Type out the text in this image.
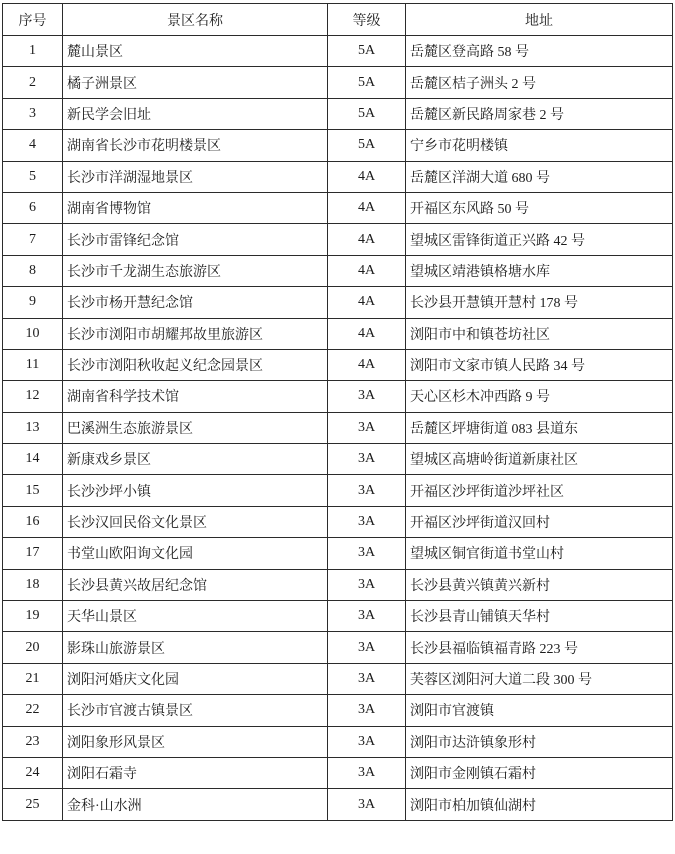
序号	景区名称	等级	地址
1	麓山景区	5A	岳麓区登高路 58 号
2	橘子洲景区	5A	岳麓区桔子洲头 2 号
3	新民学会旧址	5A	岳麓区新民路周家巷 2 号
4	湖南省长沙市花明楼景区	5A	宁乡市花明楼镇
5	长沙市洋湖湿地景区	4A	岳麓区洋湖大道 680 号
6	湖南省博物馆	4A	开福区东风路 50 号
7	长沙市雷锋纪念馆	4A	望城区雷锋街道正兴路 42 号
8	长沙市千龙湖生态旅游区	4A	望城区靖港镇格塘水库
9	长沙市杨开慧纪念馆	4A	长沙县开慧镇开慧村 178 号
10	长沙市浏阳市胡耀邦故里旅游区	4A	浏阳市中和镇苍坊社区
11	长沙市浏阳秋收起义纪念园景区	4A	浏阳市文家市镇人民路 34 号
12	湖南省科学技术馆	3A	天心区杉木冲西路 9 号
13	巴溪洲生态旅游景区	3A	岳麓区坪塘街道 083 县道东
14	新康戏乡景区	3A	望城区高塘岭街道新康社区
15	长沙沙坪小镇	3A	开福区沙坪街道沙坪社区
16	长沙汉回民俗文化景区	3A	开福区沙坪街道汉回村
17	书堂山欧阳询文化园	3A	望城区铜官街道书堂山村
18	长沙县黄兴故居纪念馆	3A	长沙县黄兴镇黄兴新村
19	天华山景区	3A	长沙县青山铺镇天华村
20	影珠山旅游景区	3A	长沙县福临镇福青路 223 号
21	浏阳河婚庆文化园	3A	芙蓉区浏阳河大道二段 300 号
22	长沙市官渡古镇景区	3A	浏阳市官渡镇
23	浏阳象形风景区	3A	浏阳市达浒镇象形村
24	浏阳石霜寺	3A	浏阳市金刚镇石霜村
25	金科·山水洲	3A	浏阳市柏加镇仙湖村
